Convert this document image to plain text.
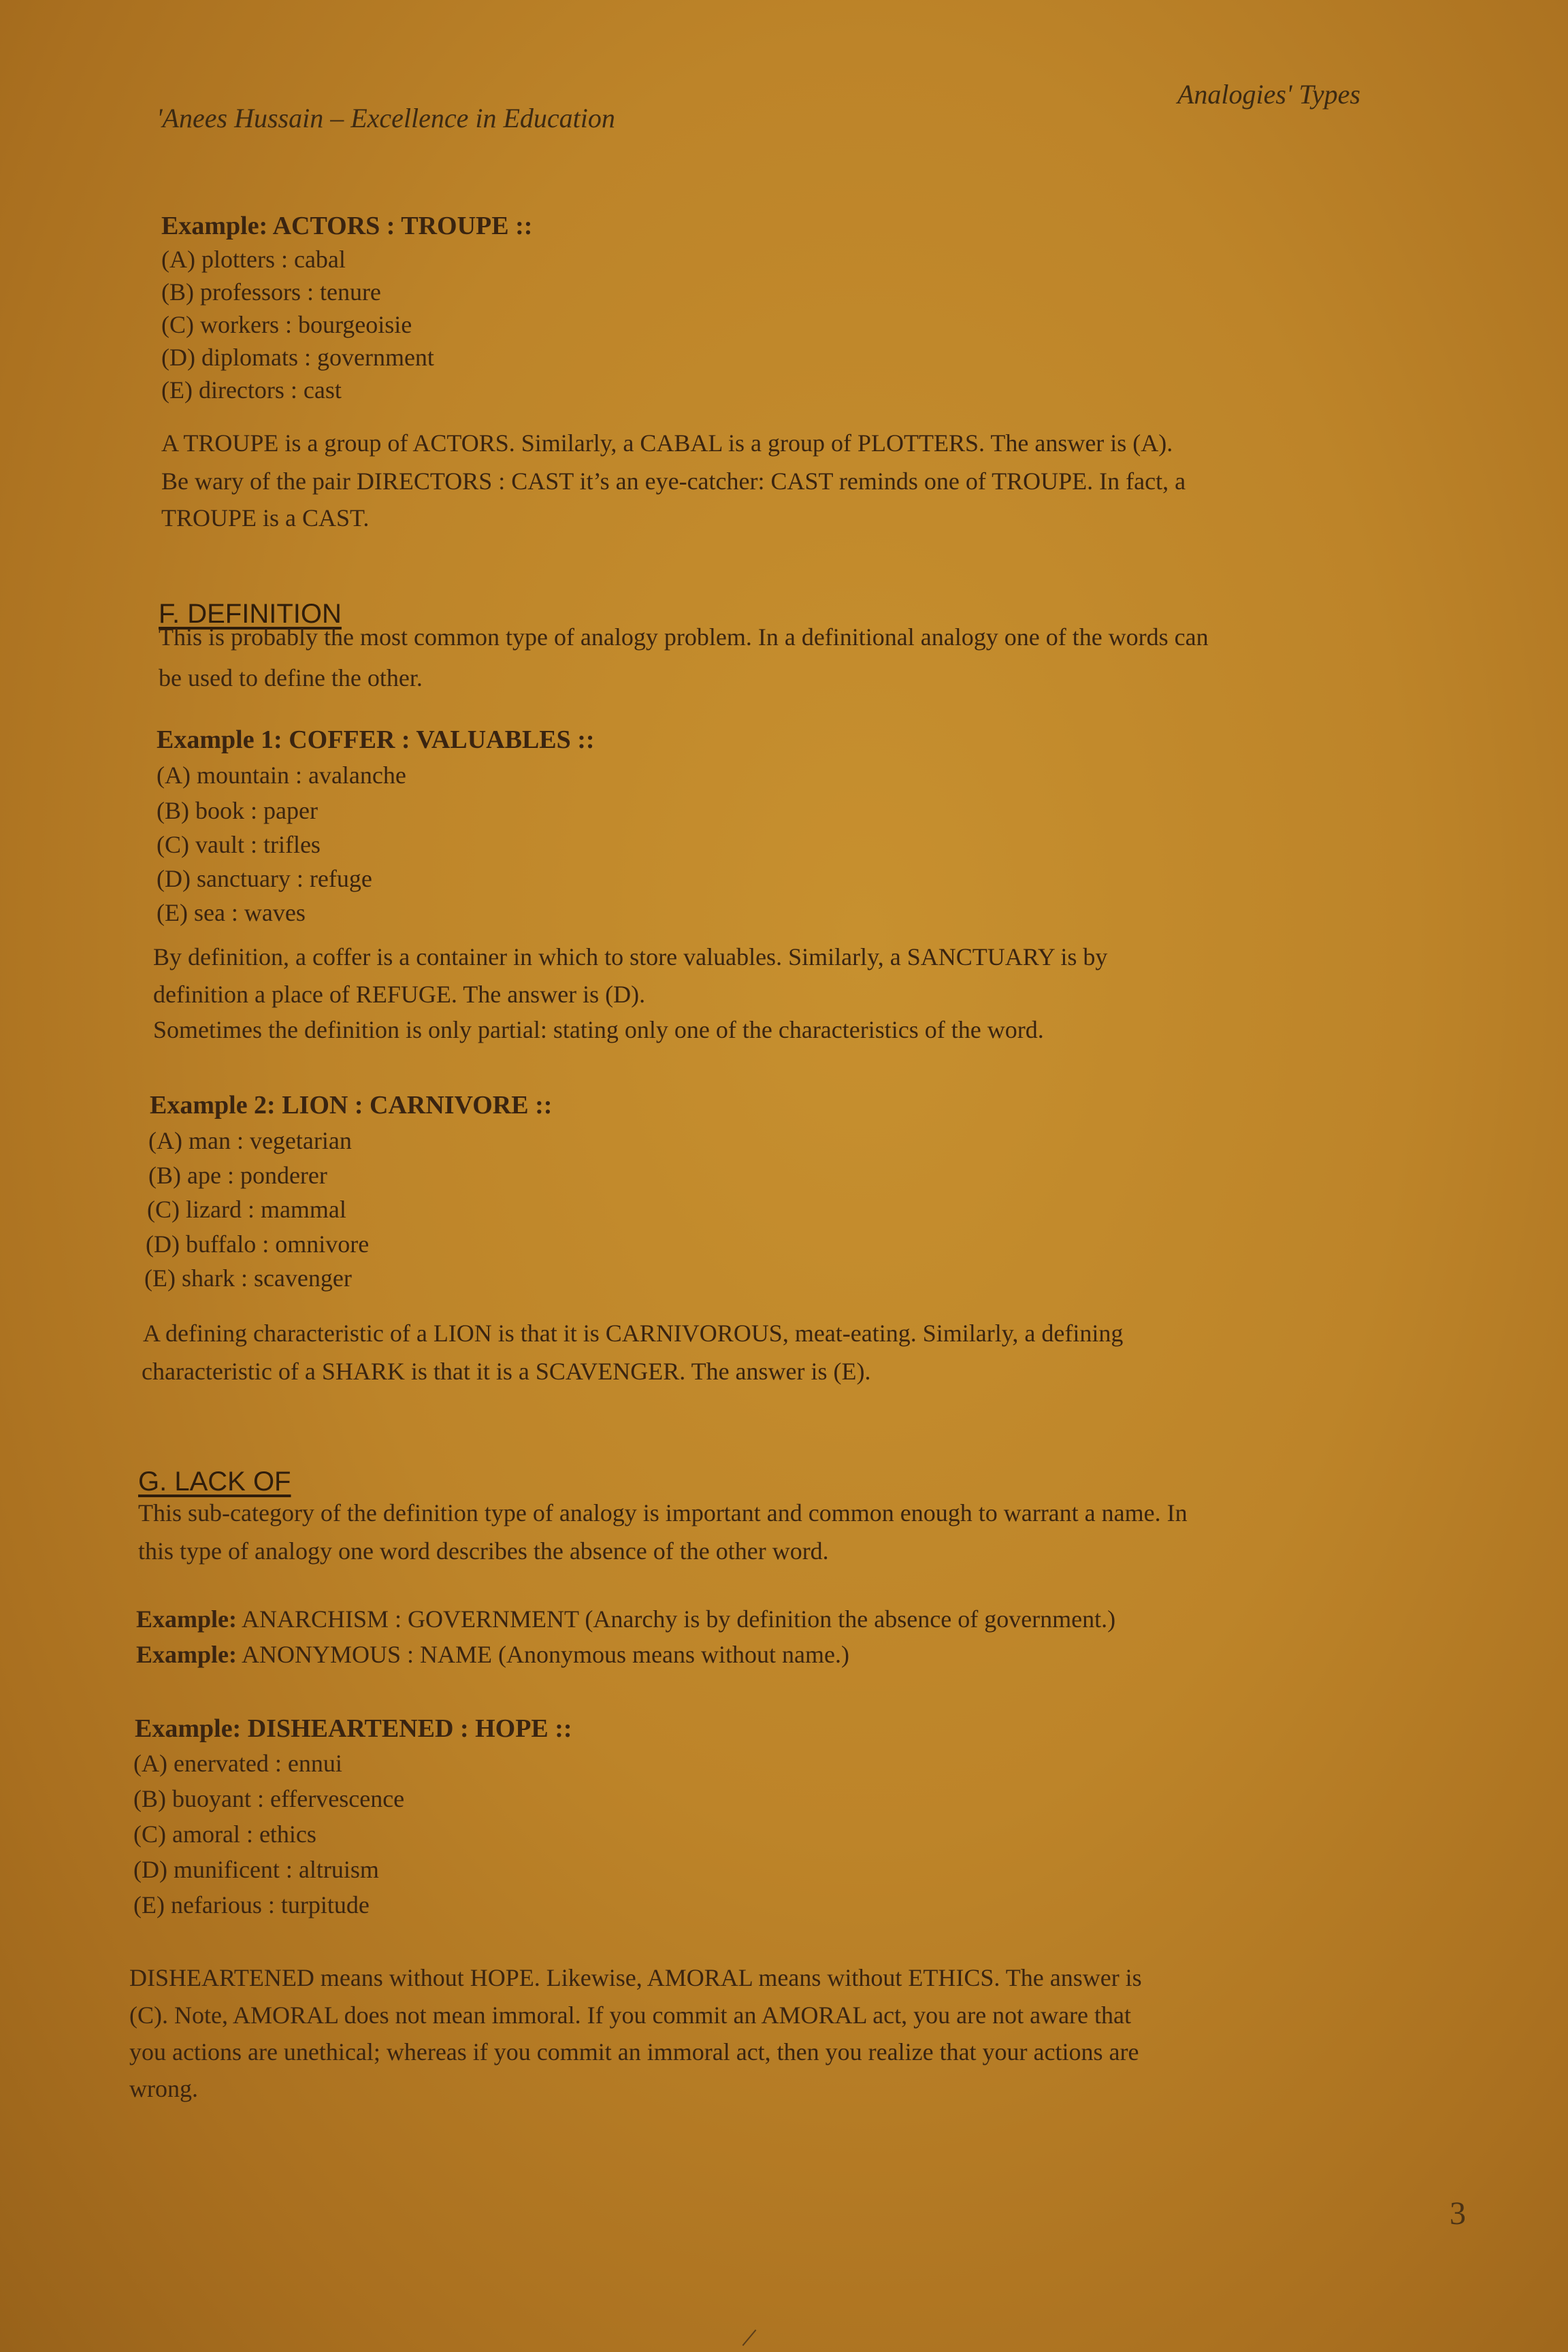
'Anees Hussain – Excellence in Education
Analogies' Types
Example: ACTORS : TROUPE ::
(A) plotters : cabal
(B) professors : tenure
(C) workers : bourgeoisie
(D) diplomats : government
(E) directors : cast
A TROUPE is a group of ACTORS. Similarly, a CABAL is a group of PLOTTERS. The answer is (A).
Be wary of the pair DIRECTORS : CAST it’s an eye-catcher: CAST reminds one of TROUPE. In fact, a
TROUPE is a CAST.
F. DEFINITION
This is probably the most common type of analogy problem. In a definitional analogy one of the words can
be used to define the other.
Example 1: COFFER : VALUABLES ::
(A) mountain : avalanche
(B) book : paper
(C) vault : trifles
(D) sanctuary : refuge
(E) sea : waves
By definition, a coffer is a container in which to store valuables. Similarly, a SANCTUARY is by
definition a place of REFUGE. The answer is (D).
Sometimes the definition is only partial: stating only one of the characteristics of the word.
Example 2: LION : CARNIVORE ::
(A) man : vegetarian
(B) ape : ponderer
(C) lizard : mammal
(D) buffalo : omnivore
(E) shark : scavenger
A defining characteristic of a LION is that it is CARNIVOROUS, meat-eating. Similarly, a defining
characteristic of a SHARK is that it is a SCAVENGER. The answer is (E).
G. LACK OF
This sub-category of the definition type of analogy is important and common enough to warrant a name. In
this type of analogy one word describes the absence of the other word.
Example: ANARCHISM : GOVERNMENT (Anarchy is by definition the absence of government.)
Example: ANONYMOUS : NAME (Anonymous means without name.)
Example: DISHEARTENED : HOPE ::
(A) enervated : ennui
(B) buoyant : effervescence
(C) amoral : ethics
(D) munificent : altruism
(E) nefarious : turpitude
DISHEARTENED means without HOPE. Likewise, AMORAL means without ETHICS. The answer is
(C). Note, AMORAL does not mean immoral. If you commit an AMORAL act, you are not aware that
you actions are unethical; whereas if you commit an immoral act, then you realize that your actions are
wrong.
3
